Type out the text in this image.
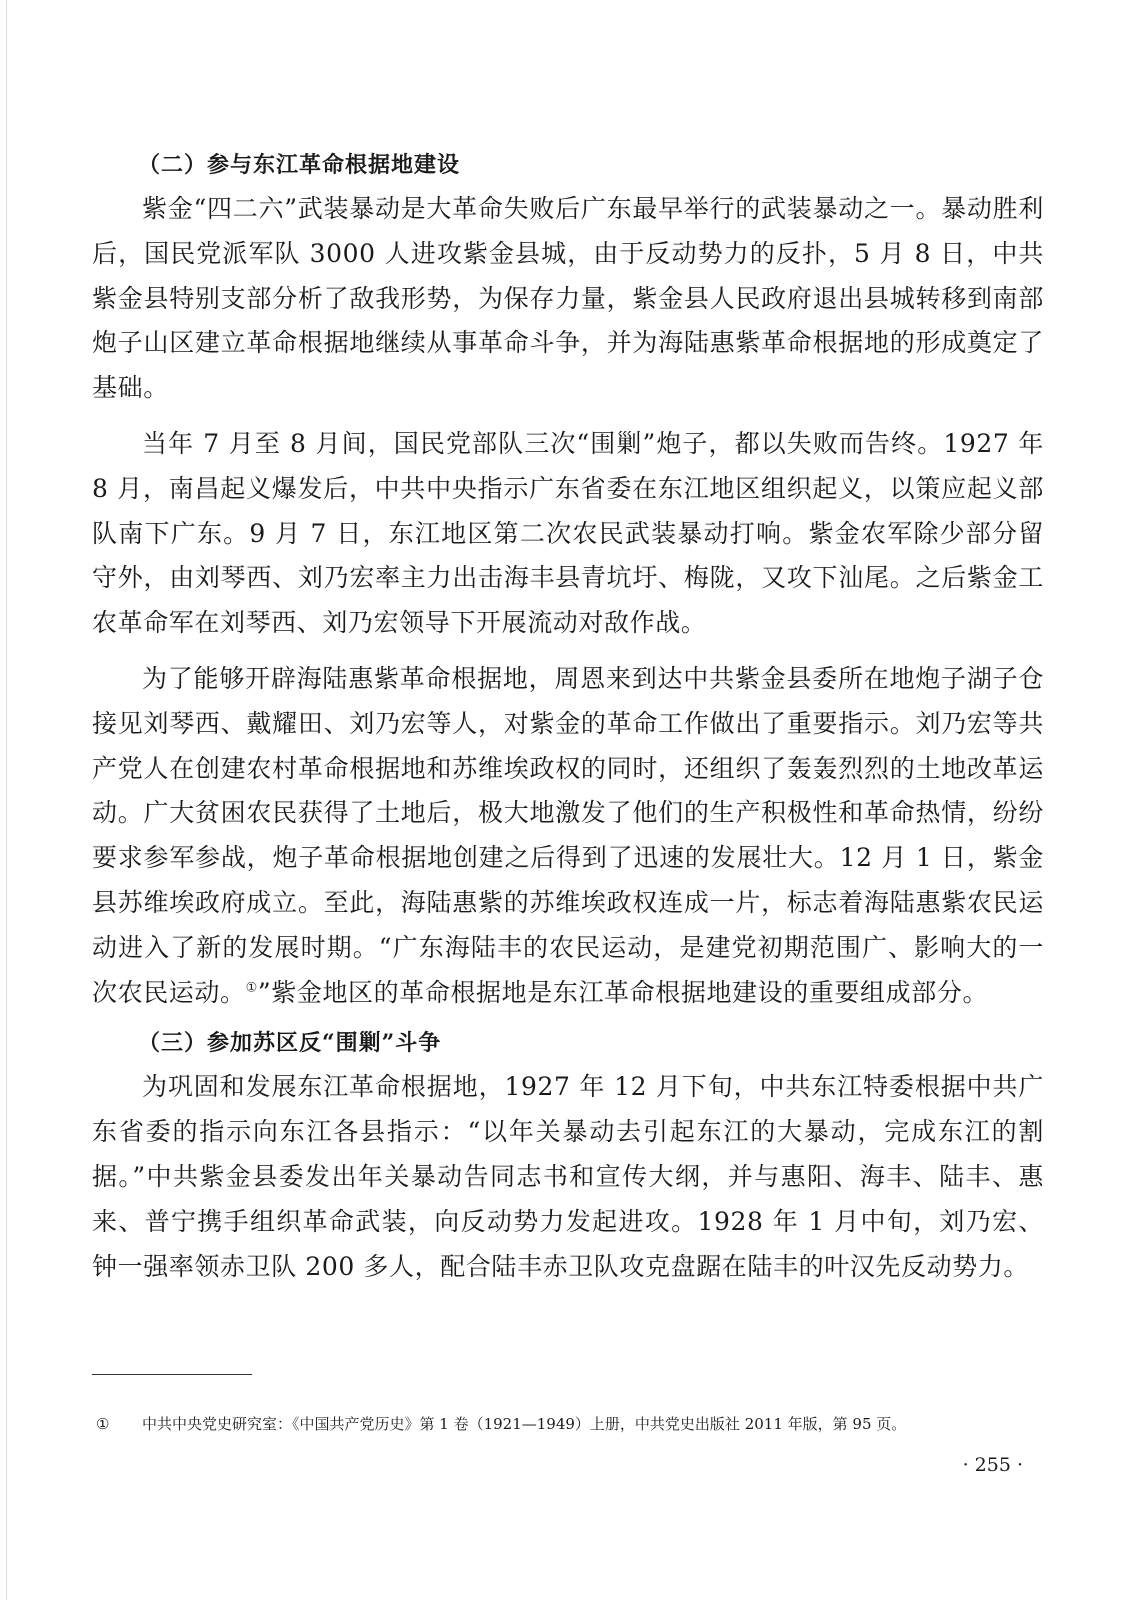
（二）参与东江革命根据地建设

紫金“四二六”武装暴动是大革命失败后广东最早举行的武装暴动之一。暴动胜利后，国民党派军队 3000 人进攻紫金县城，由于反动势力的反扑，5 月 8 日，中共紫金县特别支部分析了敌我形势，为保存力量，紫金县人民政府退出县城转移到南部炮子山区建立革命根据地继续从事革命斗争，并为海陆惠紫革命根据地的形成奠定了基础。

当年 7 月至 8 月间，国民党部队三次“围剿”炮子，都以失败而告终。1927 年 8 月，南昌起义爆发后，中共中央指示广东省委在东江地区组织起义，以策应起义部队南下广东。9 月 7 日，东江地区第二次农民武装暴动打响。紫金农军除少部分留守外，由刘琴西、刘乃宏率主力出击海丰县青坑圩、梅陇，又攻下汕尾。之后紫金工农革命军在刘琴西、刘乃宏领导下开展流动对敌作战。

为了能够开辟海陆惠紫革命根据地，周恩来到达中共紫金县委所在地炮子湖子仓接见刘琴西、戴耀田、刘乃宏等人，对紫金的革命工作做出了重要指示。刘乃宏等共产党人在创建农村革命根据地和苏维埃政权的同时，还组织了轰轰烈烈的土地改革运动。广大贫困农民获得了土地后，极大地激发了他们的生产积极性和革命热情，纷纷要求参军参战，炮子革命根据地创建之后得到了迅速的发展壮大。12 月 1 日，紫金县苏维埃政府成立。至此，海陆惠紫的苏维埃政权连成一片，标志着海陆惠紫农民运动进入了新的发展时期。“广东海陆丰的农民运动，是建党初期范围广、影响大的一次农民运动。①”紫金地区的革命根据地是东江革命根据地建设的重要组成部分。

（三）参加苏区反“围剿”斗争

为巩固和发展东江革命根据地，1927 年 12 月下旬，中共东江特委根据中共广东省委的指示向东江各县指示：“以年关暴动去引起东江的大暴动，完成东江的割据。”中共紫金县委发出年关暴动告同志书和宣传大纲，并与惠阳、海丰、陆丰、惠来、普宁携手组织革命武装，向反动势力发起进攻。1928 年 1 月中旬，刘乃宏、钟一强率领赤卫队 200 多人，配合陆丰赤卫队攻克盘踞在陆丰的叶汉先反动势力。

① 中共中央党史研究室：《中国共产党历史》第 1 卷（1921—1949）上册，中共党史出版社 2011 年版，第 95 页。
· 255 ·
